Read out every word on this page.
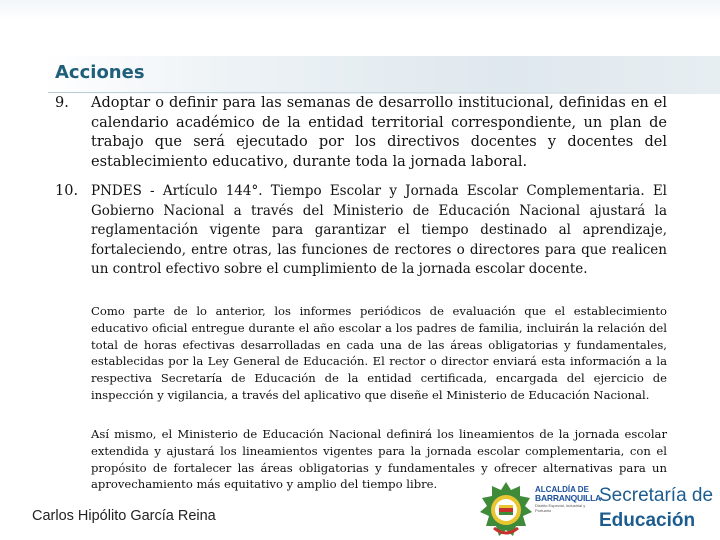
Acciones
9.	Adoptar o definir para las semanas de desarrollo institucional, definidas en el calendario académico de la entidad territorial correspondiente, un plan de trabajo que será ejecutado por los directivos docentes y docentes del establecimiento educativo, durante toda la jornada laboral.
10. PNDES - Artículo 144°. Tiempo Escolar y Jornada Escolar Complementaria. El Gobierno Nacional a través del Ministerio de Educación Nacional ajustará la reglamentación vigente para garantizar el tiempo destinado al aprendizaje, fortaleciendo, entre otras, las funciones de rectores o directores para que realicen un control efectivo sobre el cumplimiento de la jornada escolar docente.

Como parte de lo anterior, los informes periódicos de evaluación que el establecimiento educativo oficial entregue durante el año escolar a los padres de familia, incluirán la relación del total de horas efectivas desarrolladas en cada una de las áreas obligatorias y fundamentales, establecidas por la Ley General de Educación. El rector o director enviará esta información a la respectiva Secretaría de Educación de la entidad certificada, encargada del ejercicio de inspección y vigilancia, a través del aplicativo que diseñe el Ministerio de Educación Nacional.

Así mismo, el Ministerio de Educación Nacional definirá los lineamientos de la jornada escolar extendida y ajustará los lineamientos vigentes para la jornada escolar complementaria, con el propósito de fortalecer las áreas obligatorias y fundamentales y ofrecer alternativas para un aprovechamiento más equitativo y amplio del tiempo libre.

Carlos Hipólito García Reina
ALCALDÍA DE
BARRANQUILLA
Distrito Especial, Industrial y Portuario
Secretaría de
Educación
